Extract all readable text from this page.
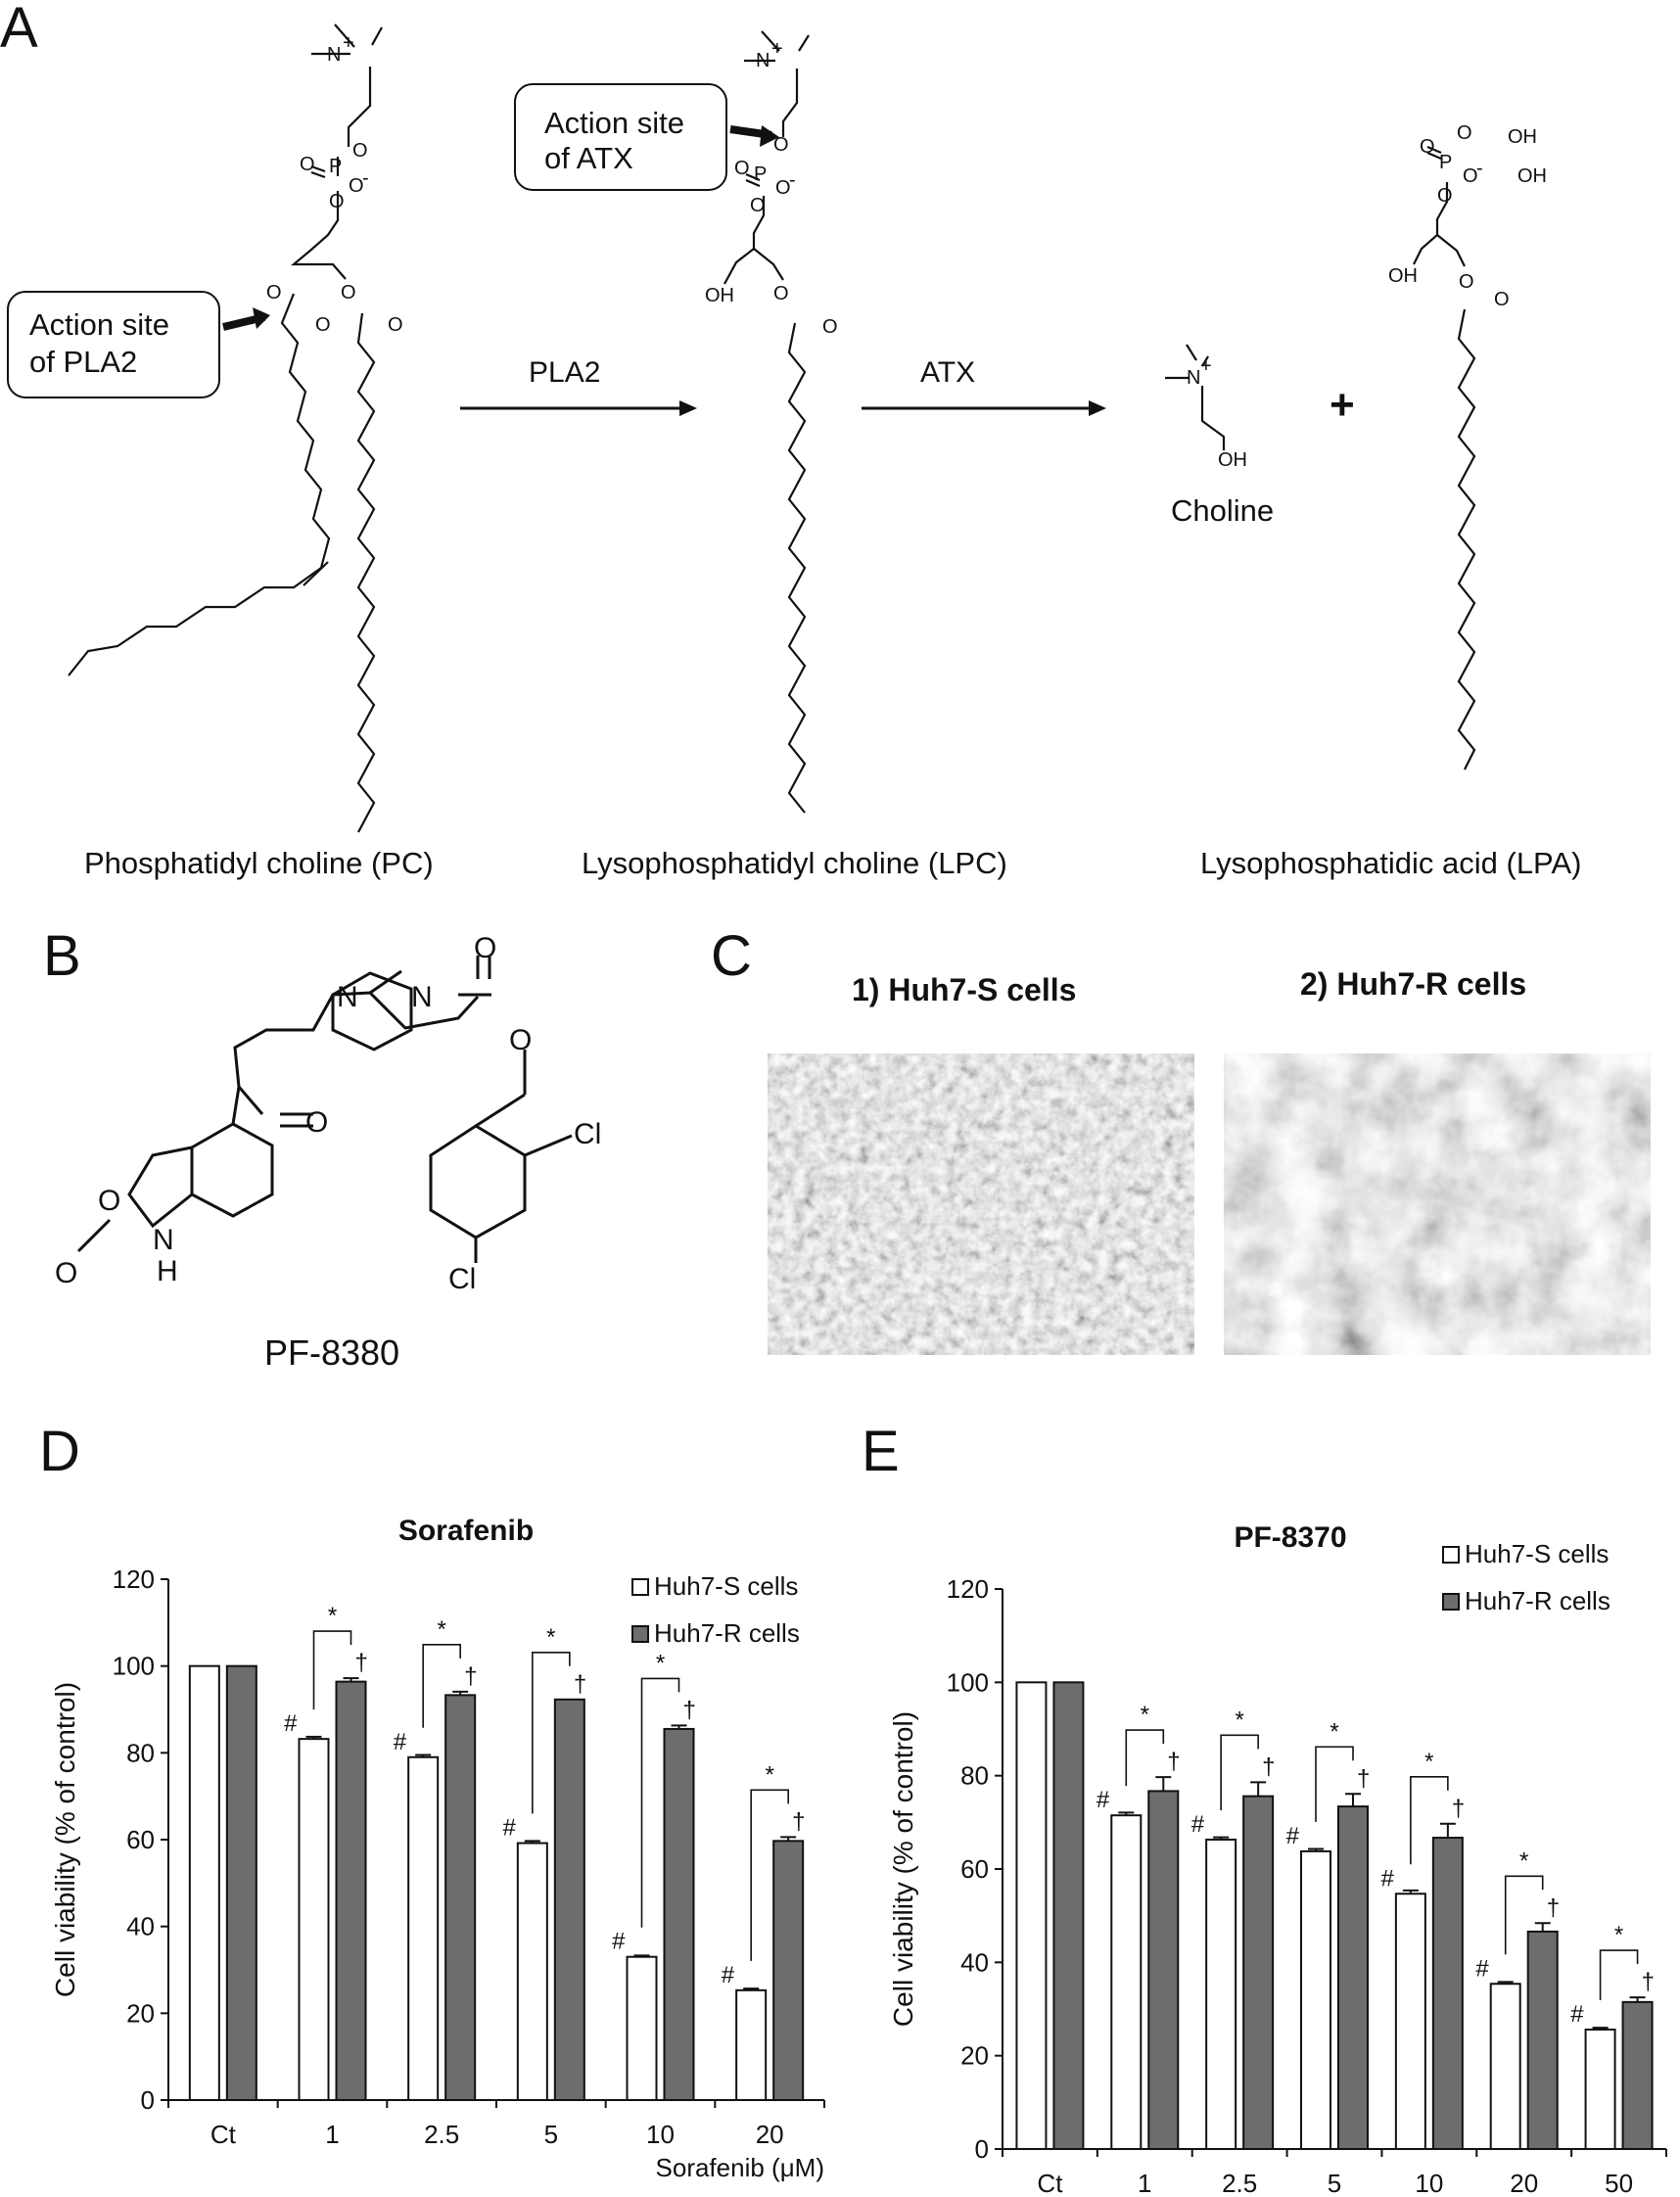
A	N
+
O
P
O
O
-
O
O
O
O
O
Action site
of PLA2
Phosphatidyl choline (PC)
PLA2
N
+
O
P
O
O
-
O
OH O
O
Action site
of ATX
Lysophosphatidyl choline (LPC)
ATX	N
+
OH
Choline
+
O
P
O
O
-
O
OH
OH
OH O
O
Lysophosphatidic acid (LPA)
B
N N
O
O
O
O
O
N
H
Cl
Cl
PF-8380
C
1) Huh7-S cells	2) Huh7-R cells
D
Sorafenib
0
20
40
60
80
100
120
Cell viability (% of control)
Ct	1	2.5	5	10	20
Sorafenib (μM)
#
†
*
#
†
*
#
†
*
#
†
*
#
†
*
Huh7-S cells
Huh7-R cells
E
PF-8370
0
20
40
60
80
100
120
Cell viability (% of control)
Ct	1	2.5	5	10	20	50
#
†
*
#
†
*
#
†
*
#
†
*
#
†
*
#
†
*
Huh7-S cells
Huh7-R cells
